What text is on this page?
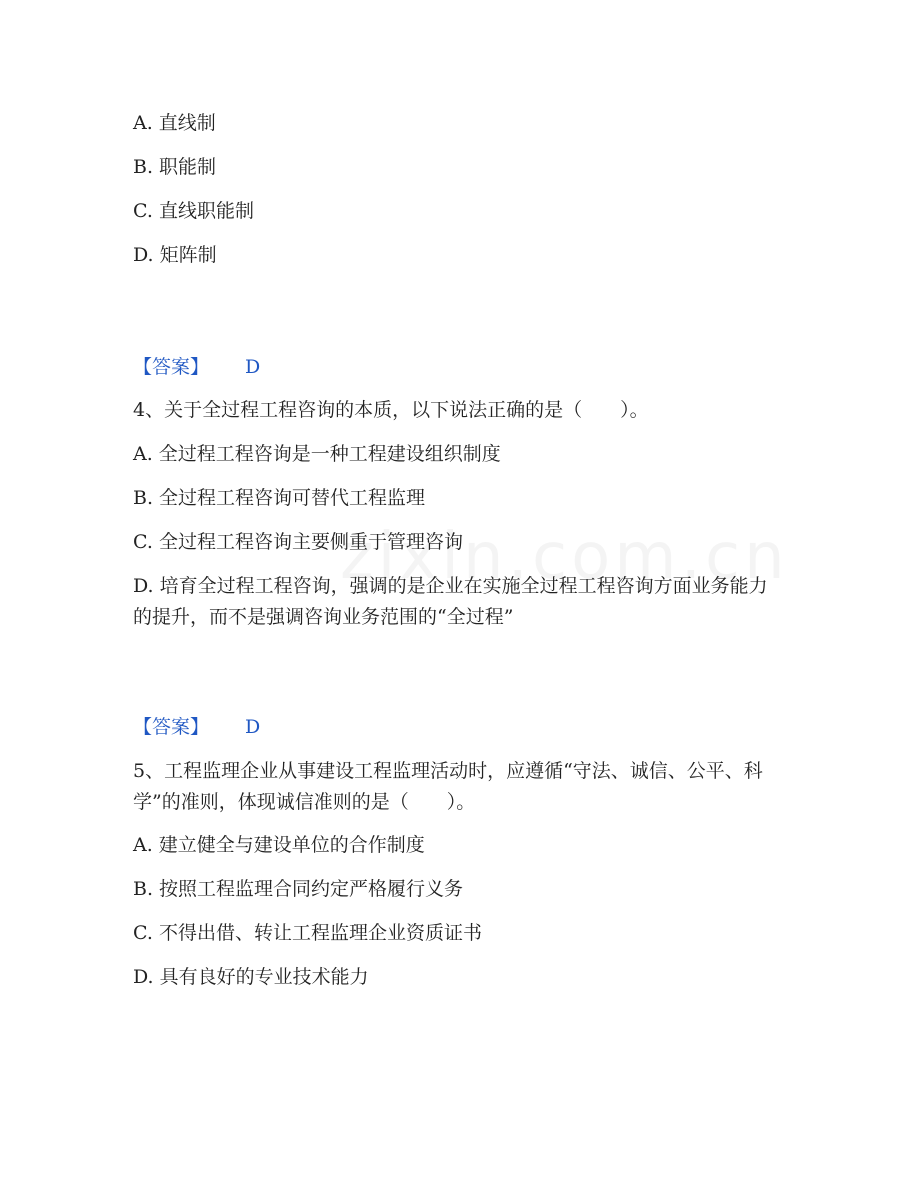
A. 直线制
B. 职能制
C. 直线职能制
D. 矩阵制
【答案】 D
4、关于全过程工程咨询的本质，以下说法正确的是（　　）。
A. 全过程工程咨询是一种工程建设组织制度
B. 全过程工程咨询可替代工程监理
C. 全过程工程咨询主要侧重于管理咨询
D. 培育全过程工程咨询，强调的是企业在实施全过程工程咨询方面业务能力的提升，而不是强调咨询业务范围的“全过程”
【答案】 D
5、工程监理企业从事建设工程监理活动时，应遵循“守法、诚信、公平、科学”的准则，体现诚信准则的是（　　）。
A. 建立健全与建设单位的合作制度
B. 按照工程监理合同约定严格履行义务
C. 不得出借、转让工程监理企业资质证书
D. 具有良好的专业技术能力
